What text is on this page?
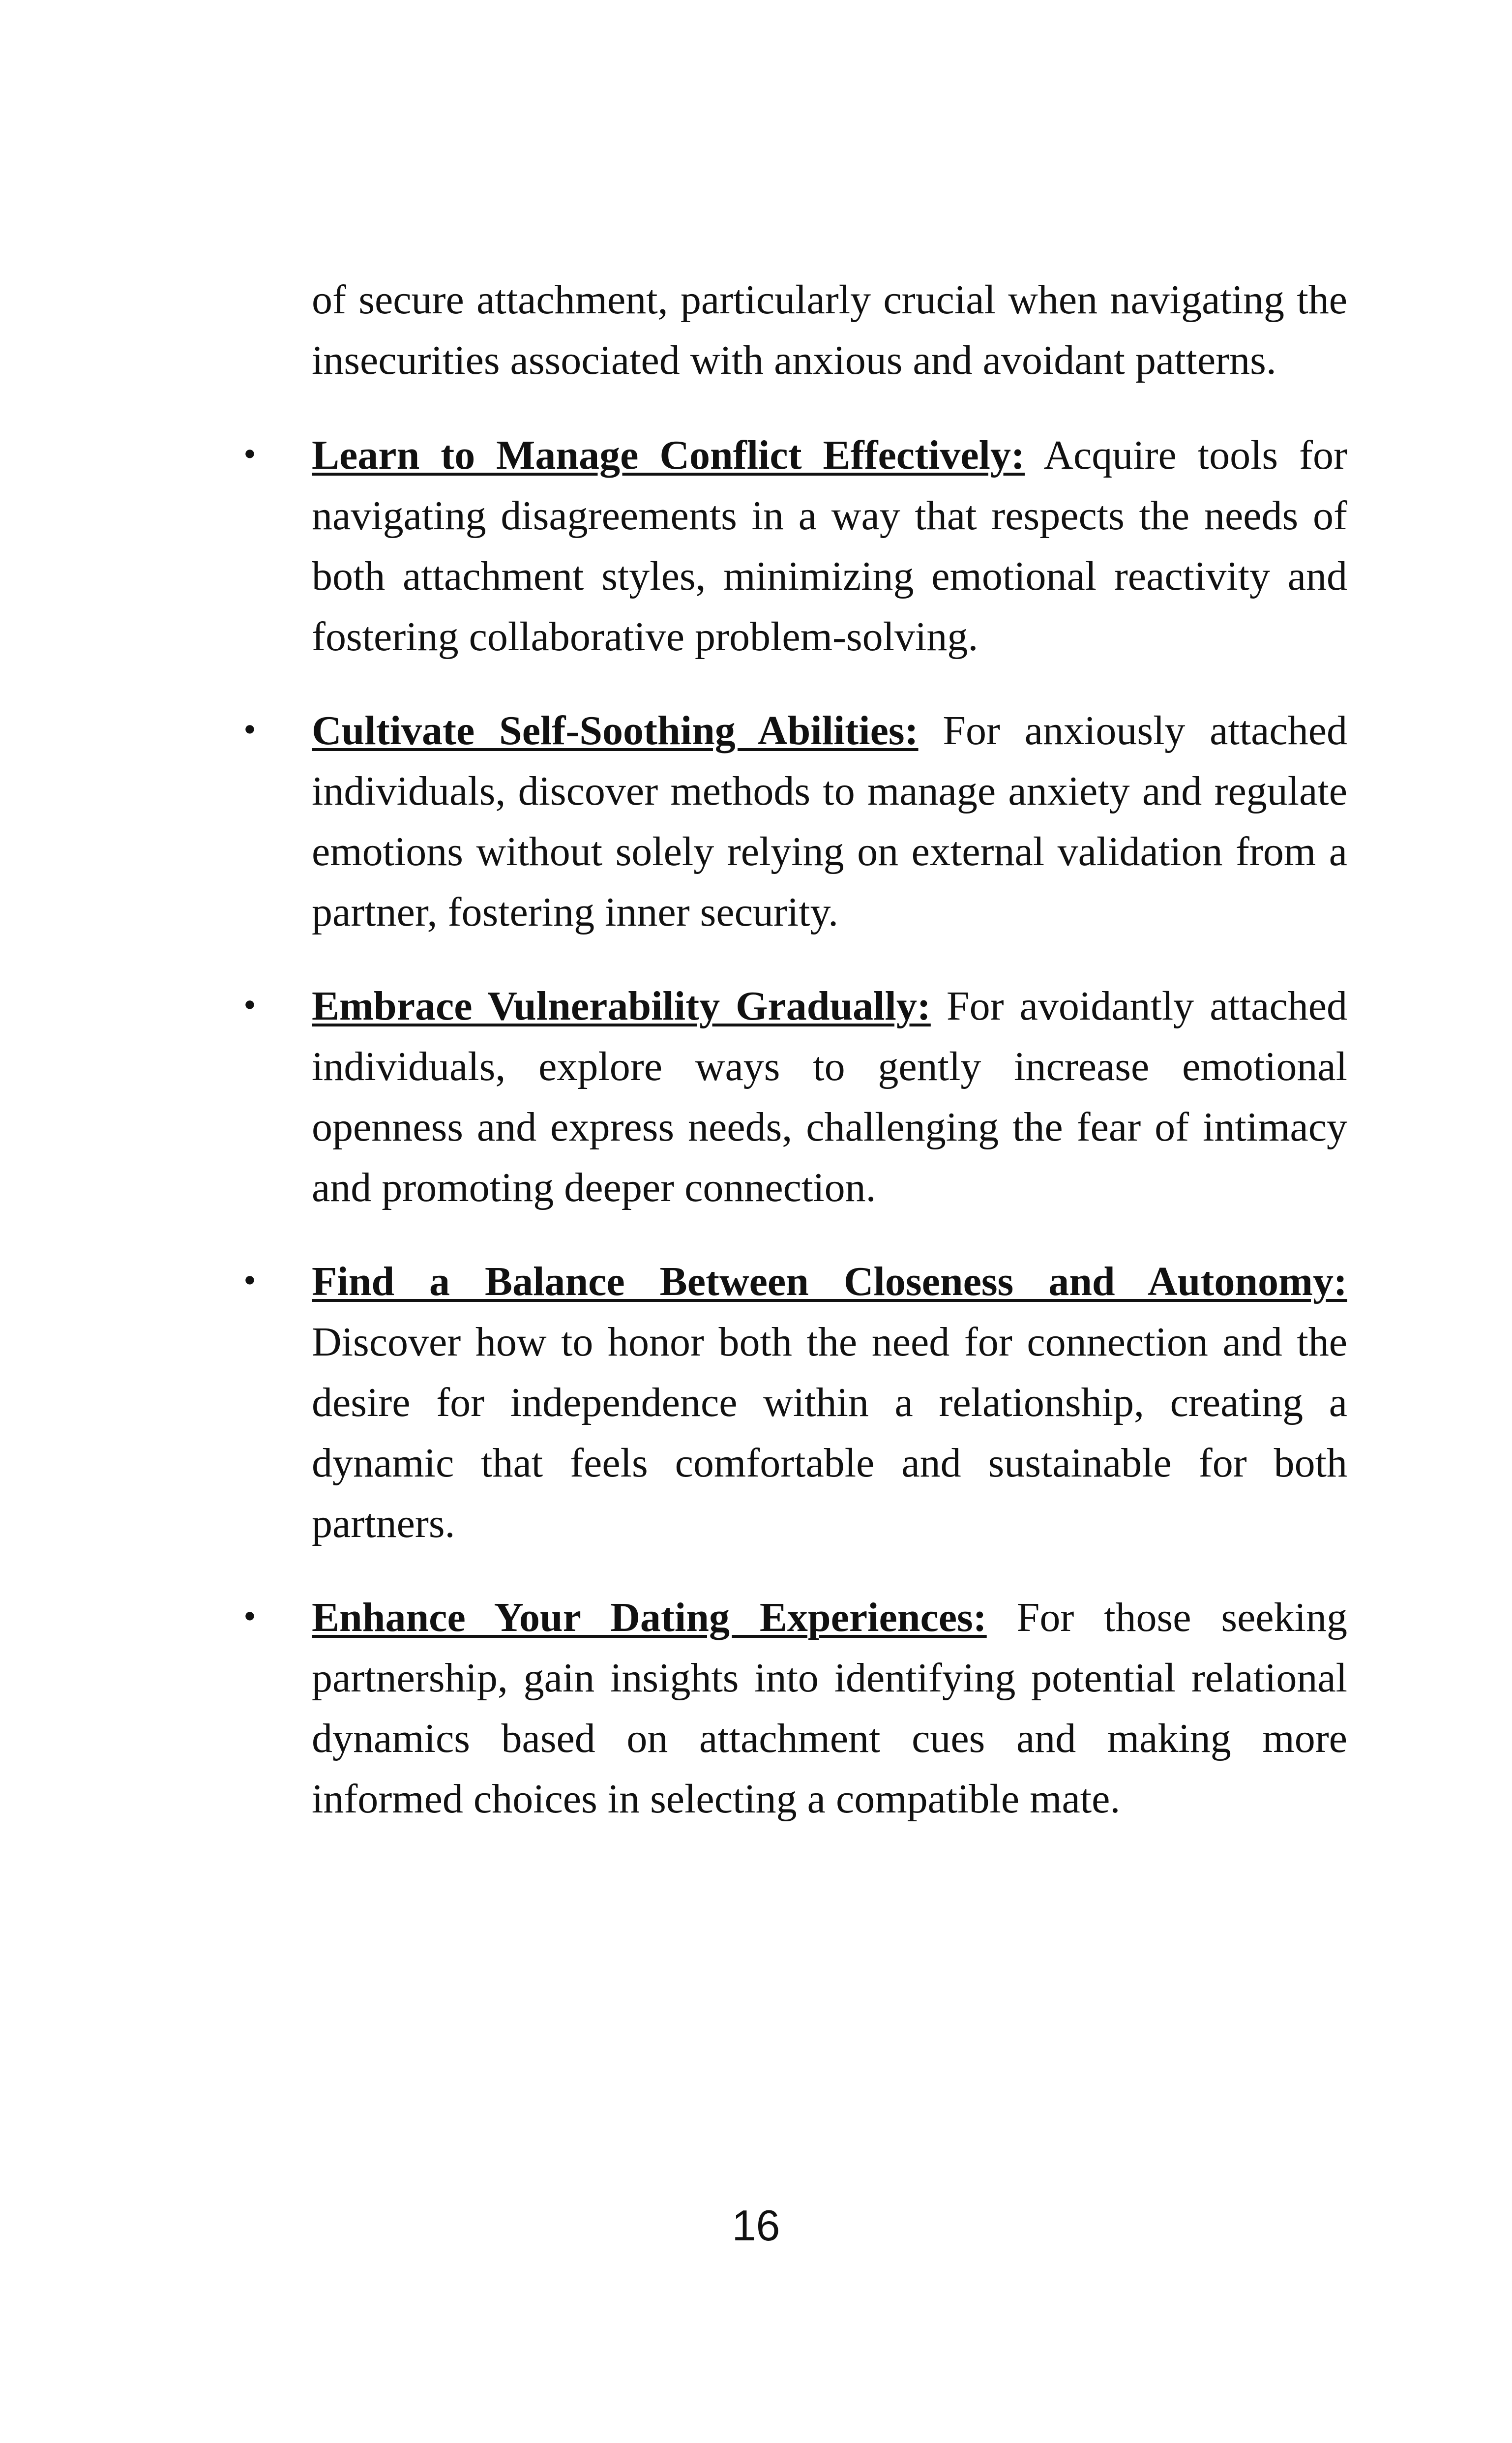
of secure attachment, particularly crucial when navigating the insecurities associated with anxious and avoidant patterns.

• Learn to Manage Conflict Effectively: Acquire tools for navigating disagreements in a way that respects the needs of both attachment styles, minimizing emotional reactivity and fostering collaborative problem-solving.
• Cultivate Self-Soothing Abilities: For anxiously attached individuals, discover methods to manage anxiety and regulate emotions without solely relying on external validation from a partner, fostering inner security.
• Embrace Vulnerability Gradually: For avoidantly attached individuals, explore ways to gently increase emotional openness and express needs, challenging the fear of intimacy and promoting deeper connection.
• Find a Balance Between Closeness and Autonomy: Discover how to honor both the need for connection and the desire for independence within a relationship, creating a dynamic that feels comfortable and sustainable for both partners.
• Enhance Your Dating Experiences: For those seeking partnership, gain insights into identifying potential relational dynamics based on attachment cues and making more informed choices in selecting a compatible mate.
16
